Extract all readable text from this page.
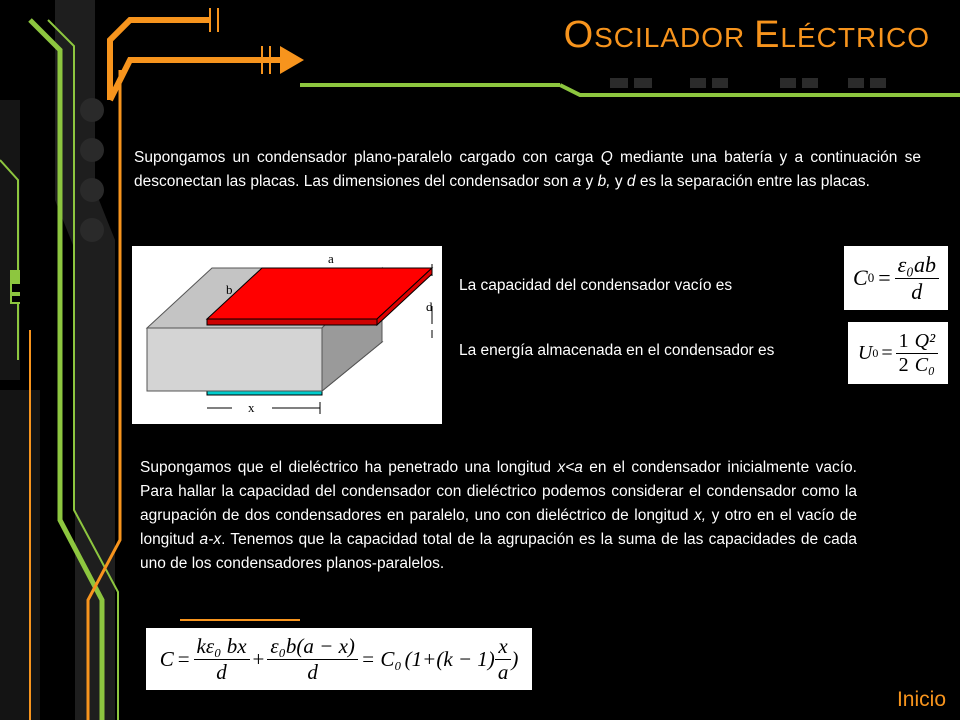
OSCILADOR ELÉCTRICO
Supongamos un condensador plano-paralelo cargado con carga Q mediante una batería y a continuación se desconectan las placas. Las dimensiones del condensador son a y b, y d es la separación entre las placas.
a
b
d
x
La capacidad del condensador vacío es
La energía almacenada en el condensador es
C $0 = \frac{\text{ε₀ab}}{d}$
U $0 = \frac{1}{2} \frac{\text{Q²}}{\text{C₀}}$
Supongamos que el dieléctrico ha penetrado una longitud x<a en el condensador inicialmente vacío. Para hallar la capacidad del condensador con dieléctrico podemos considerar el condensador como la agrupación de dos condensadores en paralelo, uno con dieléctrico de longitud x, y otro en el vacío de longitud a-x. Tenemos que la capacidad total de la agrupación es la suma de las capacidades de cada uno de los condensadores planos-paralelos.
$C = \frac{\text{kε₀ bx}}{d} + \frac{\text{ε₀b(a − x)}}{d} = C_0$ ($1+(k - 1) \frac{x}{a}$ )
Inicio
